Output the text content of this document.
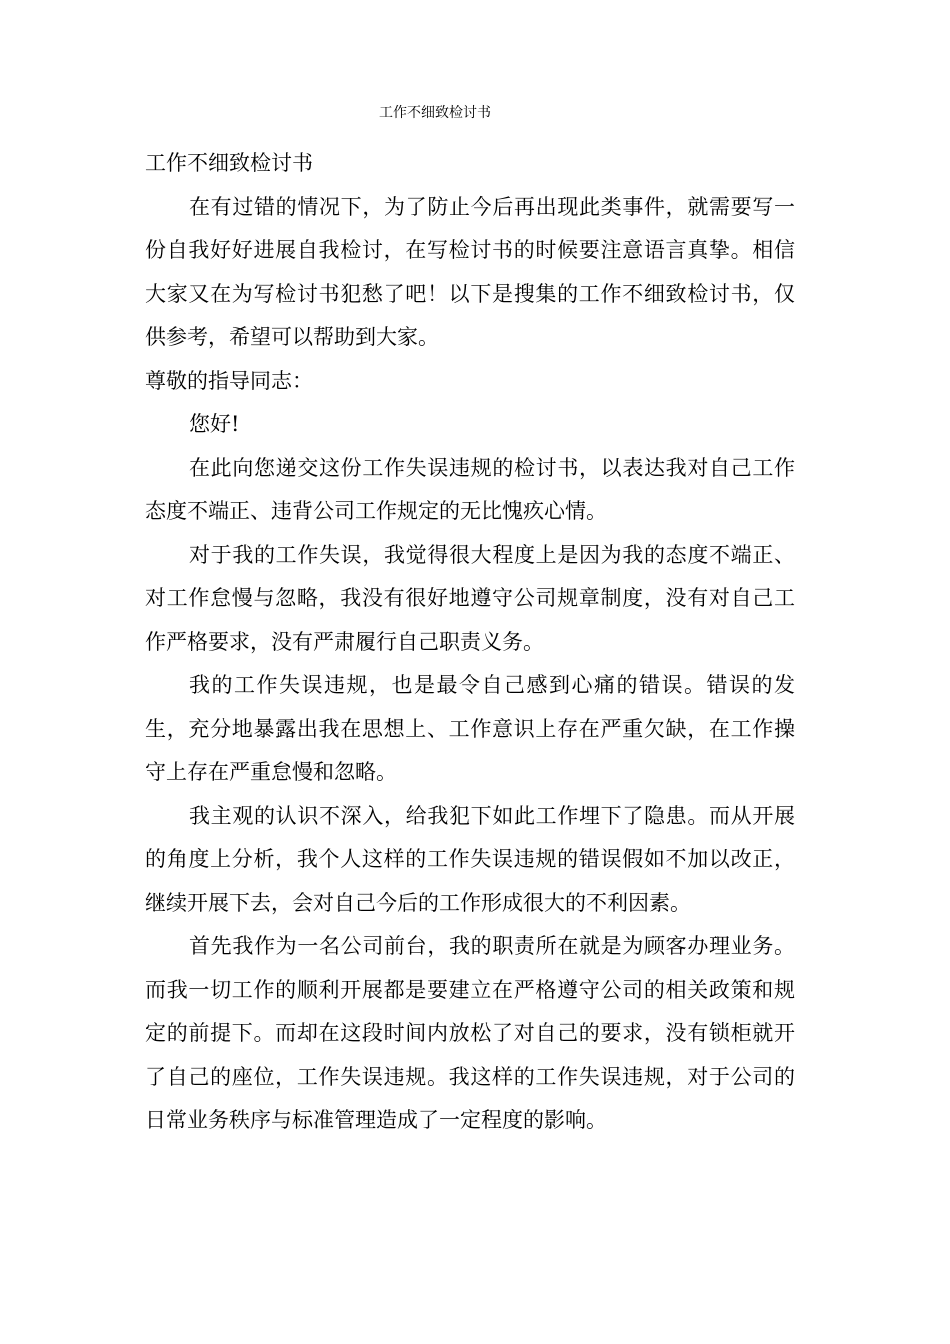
工作不细致检讨书

工作不细致检讨书

在有过错的情况下，为了防止今后再出现此类事件，就需要写一份自我好好进展自我检讨，在写检讨书的时候要注意语言真挚。相信大家又在为写检讨书犯愁了吧！以下是搜集的工作不细致检讨书，仅供参考，希望可以帮助到大家。

尊敬的指导同志：

您好!

在此向您递交这份工作失误违规的检讨书，以表达我对自己工作态度不端正、违背公司工作规定的无比愧疚心情。

对于我的工作失误，我觉得很大程度上是因为我的态度不端正、对工作怠慢与忽略，我没有很好地遵守公司规章制度，没有对自己工作严格要求，没有严肃履行自己职责义务。

我的工作失误违规，也是最令自己感到心痛的错误。错误的发生，充分地暴露出我在思想上、工作意识上存在严重欠缺，在工作操守上存在严重怠慢和忽略。

我主观的认识不深入，给我犯下如此工作埋下了隐患。而从开展的角度上分析，我个人这样的工作失误违规的错误假如不加以改正，继续开展下去，会对自己今后的工作形成很大的不利因素。

首先我作为一名公司前台，我的职责所在就是为顾客办理业务。而我一切工作的顺利开展都是要建立在严格遵守公司的相关政策和规定的前提下。而却在这段时间内放松了对自己的要求，没有锁柜就开了自己的座位，工作失误违规。我这样的工作失误违规，对于公司的日常业务秩序与标准管理造成了一定程度的影响。
